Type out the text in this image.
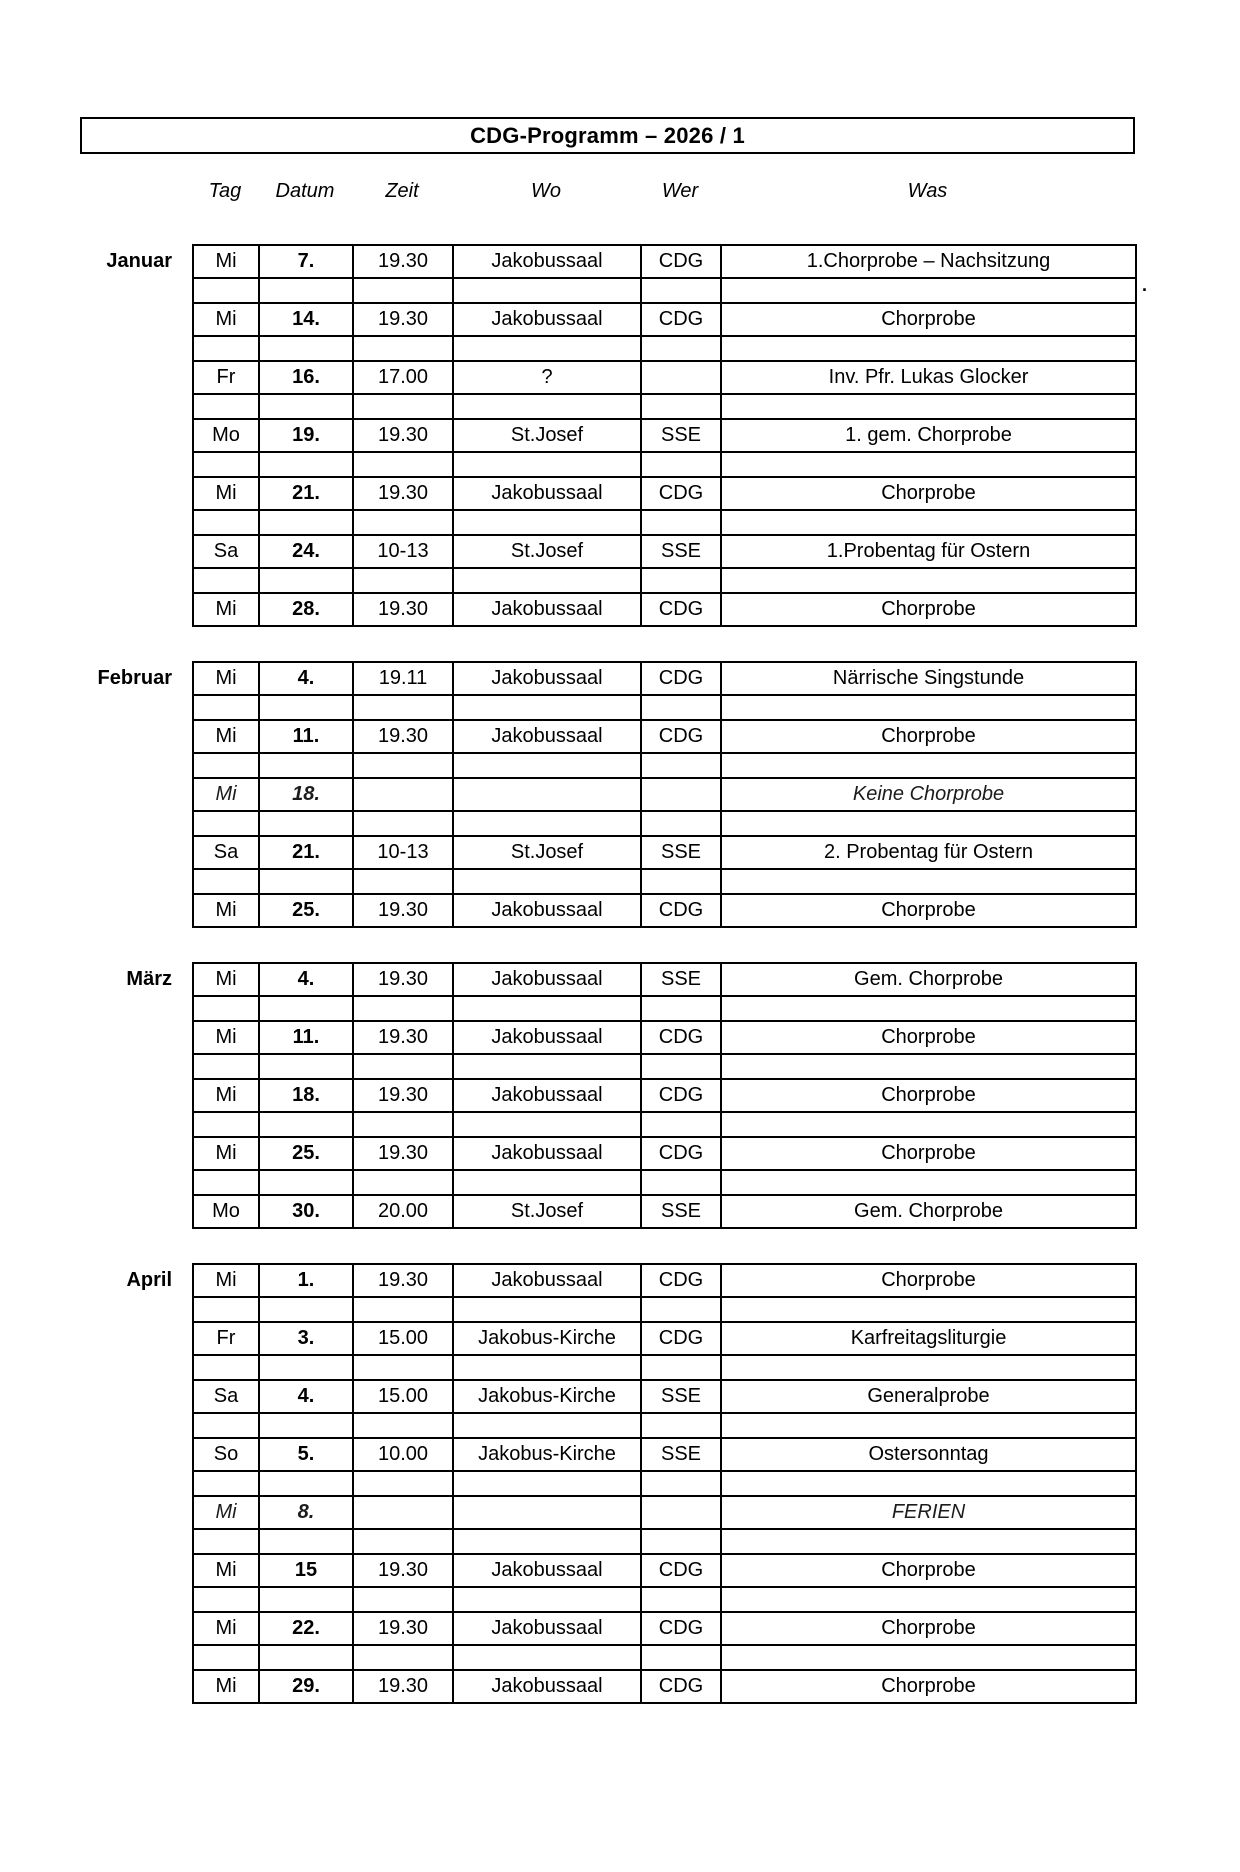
CDG-Programm – 2026 / 1
.
Tag	Datum	Zeit	Wo	Wer	Was
Januar Mi	7.	19.30	Jakobussaal	CDG	1.Chorprobe – Nachsitzung

Mi	14.	19.30	Jakobussaal	CDG	Chorprobe

Fr	16.	17.00	?		Inv. Pfr. Lukas Glocker

Mo	19.	19.30	St.Josef	SSE	1. gem. Chorprobe

Mi	21.	19.30	Jakobussaal	CDG	Chorprobe

Sa	24.	10-13	St.Josef	SSE	1.Probentag für Ostern

Mi	28.	19.30	Jakobussaal	CDG	Chorprobe
Februar Mi	4.	19.11	Jakobussaal	CDG	Närrische Singstunde

Mi	11.	19.30	Jakobussaal	CDG	Chorprobe

Mi	18.				Keine Chorprobe

Sa	21.	10-13	St.Josef	SSE	2. Probentag für Ostern

Mi	25.	19.30	Jakobussaal	CDG	Chorprobe
März Mi	4.	19.30	Jakobussaal	SSE	Gem. Chorprobe

Mi	11.	19.30	Jakobussaal	CDG	Chorprobe

Mi	18.	19.30	Jakobussaal	CDG	Chorprobe

Mi	25.	19.30	Jakobussaal	CDG	Chorprobe

Mo	30.	20.00	St.Josef	SSE	Gem. Chorprobe
April Mi	1.	19.30	Jakobussaal	CDG	Chorprobe

Fr	3.	15.00	Jakobus-Kirche	CDG	Karfreitagsliturgie

Sa	4.	15.00	Jakobus-Kirche	SSE	Generalprobe

So	5.	10.00	Jakobus-Kirche	SSE	Ostersonntag

Mi	8.				FERIEN

Mi	15	19.30	Jakobussaal	CDG	Chorprobe

Mi	22.	19.30	Jakobussaal	CDG	Chorprobe

Mi	29.	19.30	Jakobussaal	CDG	Chorprobe
